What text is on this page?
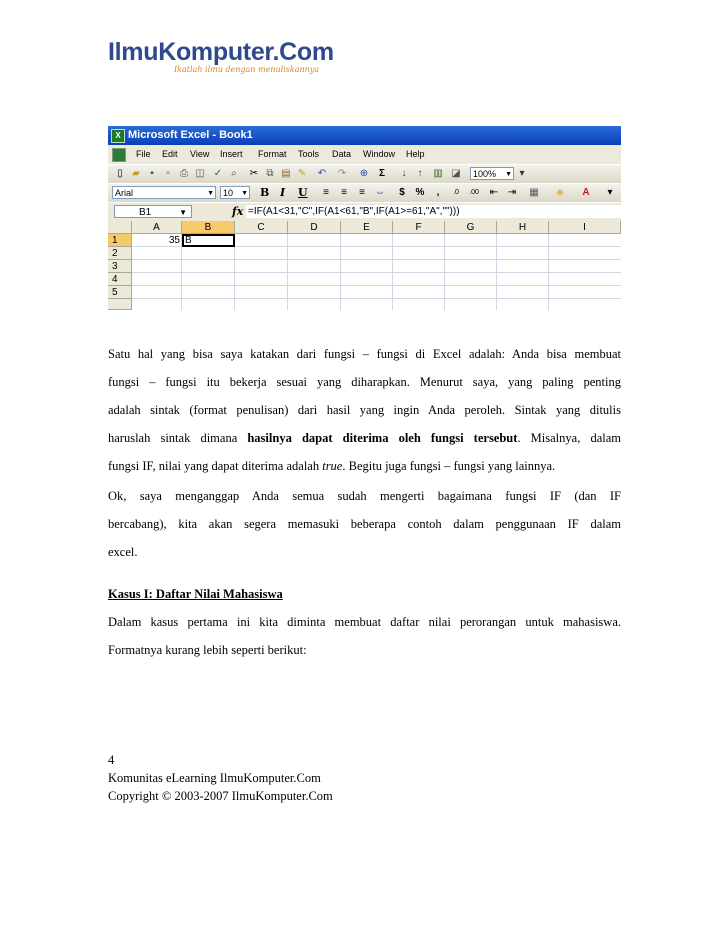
IlmuKomputer.Com
Ikatlah ilmu dengan menuliskannya
X Microsoft Excel - Book1
File Edit View Insert Format Tools Data Window Help
▯ ▰	▪	▫	⎙ ◫ ✓ ⌕	✂ ⧉ ▤ ✎ ↶ ↷ ⊕ Σ	↓	↑	▥ ◪	100% ▼ ▾
Arial	▼	10 ▼ B I U	≡	≡	≡	⇔	$	%	,	.0	.00 ⇤ ⇥ ▦ ◈ A	▾
B1	▼	fx =IF(A1<31,"C",IF(A1<61,"B",IF(A1>=61,"A","")))
A	B	C	D	E	F	G	H	I
1
2
3
4
5
35 B
Satu hal yang bisa saya katakan dari fungsi – fungsi di Excel adalah: Anda bisa membuat
fungsi – fungsi itu bekerja sesuai yang diharapkan. Menurut saya, yang paling penting
adalah sintak (format penulisan) dari hasil yang ingin Anda peroleh. Sintak yang ditulis
haruslah sintak dimana hasilnya dapat diterima oleh fungsi tersebut. Misalnya, dalam
fungsi IF, nilai yang dapat diterima adalah true. Begitu juga fungsi – fungsi yang lainnya.
Ok, saya menganggap Anda semua sudah mengerti bagaimana fungsi IF (dan IF
bercabang), kita akan segera memasuki beberapa contoh dalam penggunaan IF dalam
excel.
Kasus I: Daftar Nilai Mahasiswa
Dalam kasus pertama ini kita diminta membuat daftar nilai perorangan untuk mahasiswa.
Formatnya kurang lebih seperti berikut:
4
Komunitas eLearning IlmuKomputer.Com
Copyright © 2003-2007 IlmuKomputer.Com
